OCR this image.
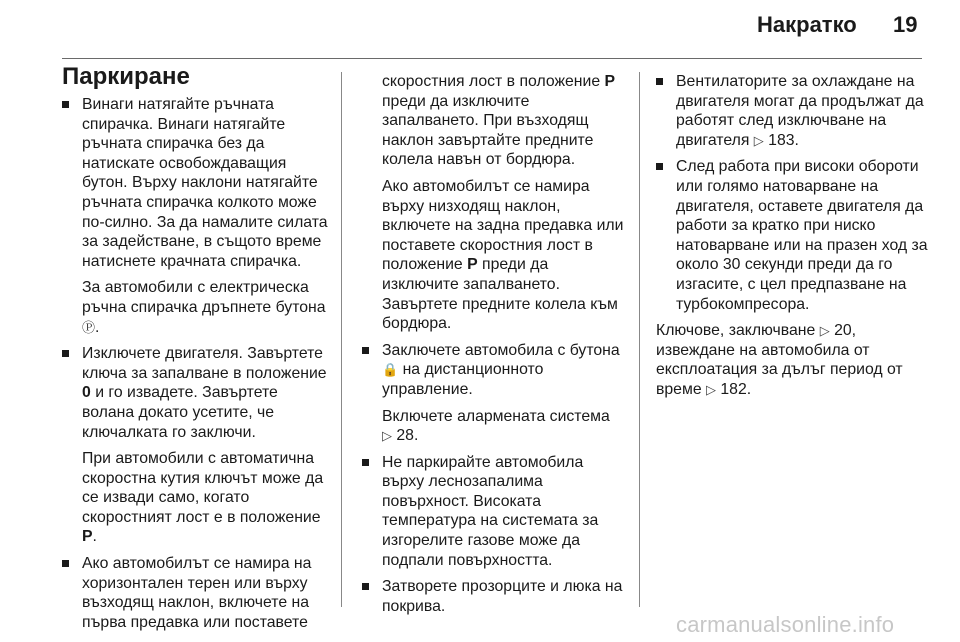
Накратко 19
Паркиране
Винаги натягайте ръчната спирачка. Винаги натягайте ръчната спирачка без да натискате освобождаващия бутон. Върху наклони натягайте ръчната спирачка колкото може по-силно. За да намалите силата за задействане, в същото време натиснете крачната спирачка.

За автомобили с електрическа ръчна спирачка дръпнете бутона
Ⓟ.

Изключете двигателя. Завъртете ключа за запалване в положение 0 и го извадете. Завъртете волана докато усетите, че ключалката го заключи.

При автомобили с автоматична скоростна кутия ключът може да се извади само, когато скоростният лост е в положение
P.

Ако автомобилът се намира на хоризонтален терен или върху възходящ наклон, включете на първа предавка или поставете

скоростния лост в положение P преди да изключите запалването. При възходящ наклон завъртайте предните колела навън от бордюра.

Ако автомобилът се намира върху низходящ наклон, включете на задна предавка или поставете скоростния лост в положение P преди да изключите запалването. Завъртете предните колела към бордюра.

Заключете автомобила с бутона
🔒 на дистанционното управление.

Включете алармената система
▷ 28.

Не паркирайте автомобила върху леснозапалима повърхност. Високата температура на системата за изгорелите газове може да подпали повърхността.
Затворете прозорците и люка на покрива.
Вентилаторите за охлаждане на двигателя могат да продължат да работят след изключване на двигателя ▷ 183.
След работа при високи обороти или голямо натоварване на двигателя, оставете двигателя да работи за кратко при ниско натоварване или на празен ход за около 30 секунди преди да го изгасите, с цел предпазване на турбокомпресора.

Ключове, заключване ▷ 20, извеждане на автомобила от експлоатация за дълъг период от време ▷ 182.

carmanualsonline.info
